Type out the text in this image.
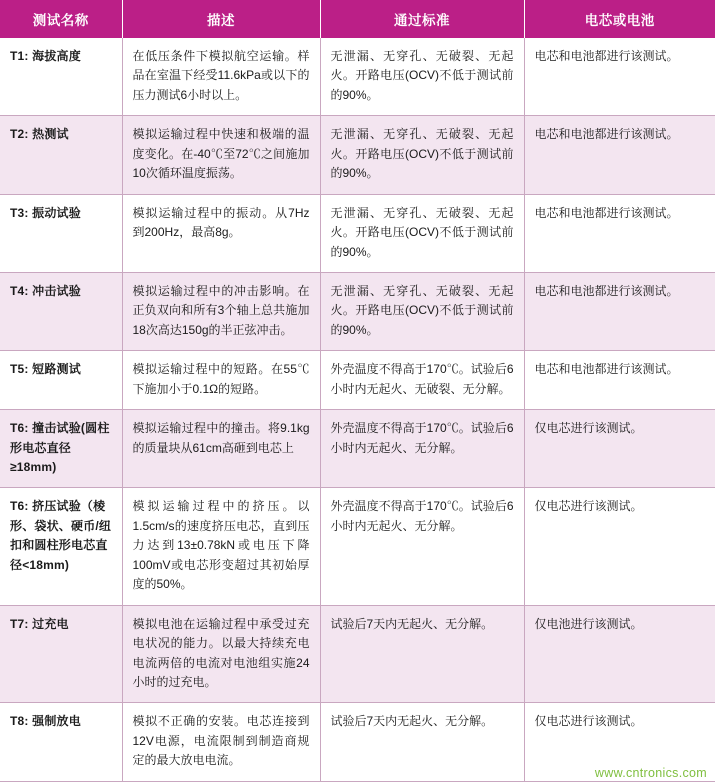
测试名称	描述	通过标准	电芯或电池
T1: 海拔高度	在低压条件下模拟航空运输。样品在室温下经受11.6kPa或以下的压力测试6小时以上。	无泄漏、无穿孔、无破裂、无起火。开路电压(OCV)不低于测试前的90%。	电芯和电池都进行该测试。
T2: 热测试	模拟运输过程中快速和极端的温度变化。在-40℃至72℃之间施加10次循环温度振荡。	无泄漏、无穿孔、无破裂、无起火。开路电压(OCV)不低于测试前的90%。	电芯和电池都进行该测试。
T3: 振动试验	模拟运输过程中的振动。从7Hz到200Hz，最高8g。	无泄漏、无穿孔、无破裂、无起火。开路电压(OCV)不低于测试前的90%。	电芯和电池都进行该测试。
T4: 冲击试验	模拟运输过程中的冲击影响。在正负双向和所有3个轴上总共施加18次高达150g的半正弦冲击。	无泄漏、无穿孔、无破裂、无起火。开路电压(OCV)不低于测试前的90%。	电芯和电池都进行该测试。
T5: 短路测试	模拟运输过程中的短路。在55℃下施加小于0.1Ω的短路。	外壳温度不得高于170℃。试验后6小时内无起火、无破裂、无分解。	电芯和电池都进行该测试。
T6: 撞击试验(圆柱形电芯直径≥18mm)	模拟运输过程中的撞击。将9.1kg的质量块从61cm高砸到电芯上	外壳温度不得高于170℃。试验后6小时内无起火、无分解。	仅电芯进行该测试。
T6: 挤压试验（棱形、袋状、硬币/纽扣和圆柱形电芯直径<18mm)	模拟运输过程中的挤压。以1.5cm/s的速度挤压电芯，直到压力达到13±0.78kN或电压下降100mV或电芯形变超过其初始厚度的50%。	外壳温度不得高于170℃。试验后6小时内无起火、无分解。	仅电芯进行该测试。
T7: 过充电	模拟电池在运输过程中承受过充电状况的能力。以最大持续充电电流两倍的电流对电池组实施24小时的过充电。	试验后7天内无起火、无分解。	仅电池进行该测试。
T8: 强制放电	模拟不正确的安装。电芯连接到12V电源，电流限制到制造商规定的最大放电电流。	试验后7天内无起火、无分解。	仅电芯进行该测试。
www.cntronics.com
